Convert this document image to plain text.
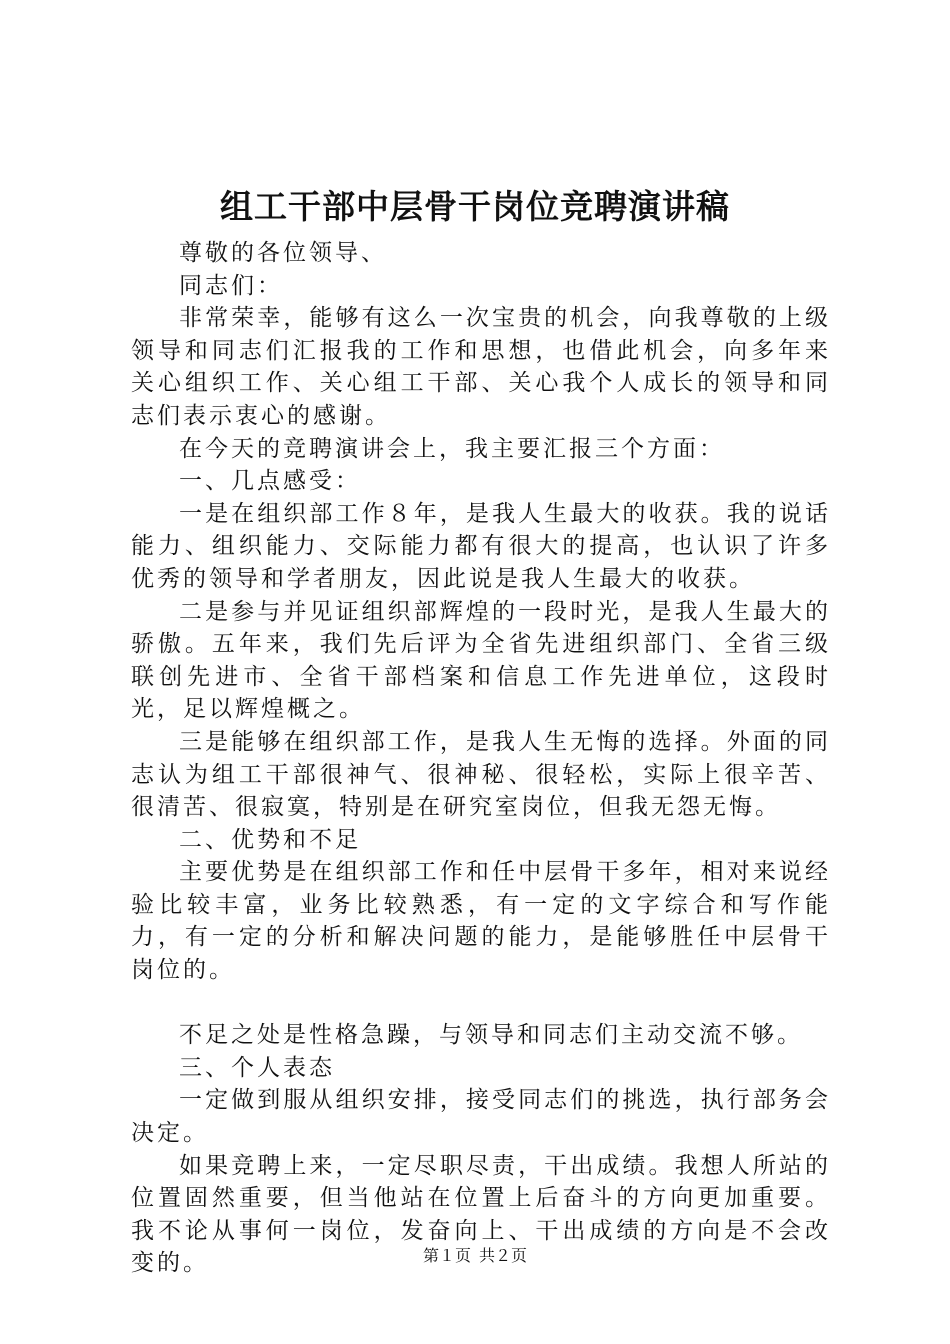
组工干部中层骨干岗位竞聘演讲稿

尊敬的各位领导、

同志们：

非常荣幸，能够有这么一次宝贵的机会，向我尊敬的上级领导和同志们汇报我的工作和思想，也借此机会，向多年来关心组织工作、关心组工干部、关心我个人成长的领导和同志们表示衷心的感谢。

在今天的竞聘演讲会上，我主要汇报三个方面：

一、几点感受：

一是在组织部工作８年，是我人生最大的收获。我的说话能力、组织能力、交际能力都有很大的提高，也认识了许多优秀的领导和学者朋友，因此说是我人生最大的收获。

二是参与并见证组织部辉煌的一段时光，是我人生最大的骄傲。五年来，我们先后评为全省先进组织部门、全省三级联创先进市、全省干部档案和信息工作先进单位，这段时光，足以辉煌概之。

三是能够在组织部工作，是我人生无悔的选择。外面的同志认为组工干部很神气、很神秘、很轻松，实际上很辛苦、很清苦、很寂寞，特别是在研究室岗位，但我无怨无悔。

二、优势和不足

主要优势是在组织部工作和任中层骨干多年，相对来说经验比较丰富，业务比较熟悉，有一定的文字综合和写作能力，有一定的分析和解决问题的能力，是能够胜任中层骨干岗位的。

不足之处是性格急躁，与领导和同志们主动交流不够。

三、个人表态

一定做到服从组织安排，接受同志们的挑选，执行部务会决定。

如果竞聘上来，一定尽职尽责，干出成绩。我想人所站的位置固然重要，但当他站在位置上后奋斗的方向更加重要。我不论从事何一岗位，发奋向上、干出成绩的方向是不会改变的。	第１页 共２页
